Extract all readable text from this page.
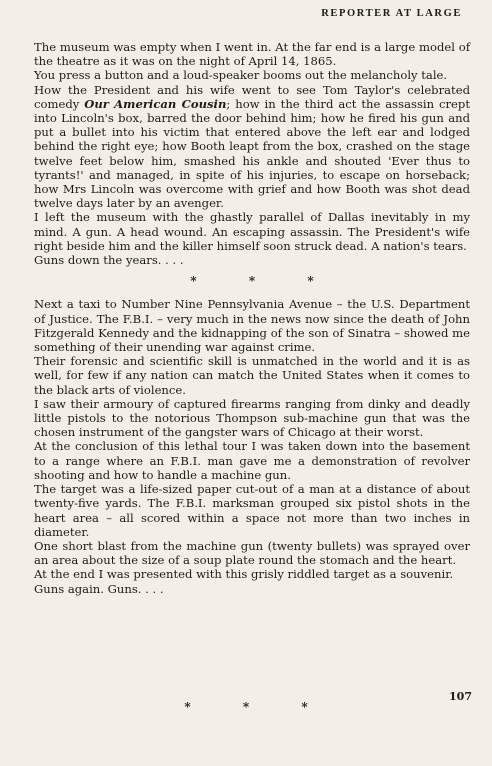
REPORTER AT LARGE

The museum was empty when I went in. At the far end is a large model of the theatre as it was on the night of April 14, 1865.

You press a button and a loud-speaker booms out the melancholy tale.

How the President and his wife went to see Tom Taylor's celebrated comedy Our American Cousin; how in the third act the assassin crept into Lincoln's box, barred the door behind him; how he fired his gun and put a bullet into his victim that entered above the left ear and lodged behind the right eye; how Booth leapt from the box, crashed on the stage twelve feet below him, smashed his ankle and shouted 'Ever thus to tyrants!' and managed, in spite of his injuries, to escape on horseback; how Mrs Lincoln was overcome with grief and how Booth was shot dead twelve days later by an avenger.

I left the museum with the ghastly parallel of Dallas inevitably in my mind. A gun. A head wound. An escaping assassin. The President's wife right beside him and the killer himself soon struck dead. A nation's tears.

Guns down the years. . . .

* * *

Next a taxi to Number Nine Pennsylvania Avenue – the U.S. Department of Justice. The F.B.I. – very much in the news now since the death of John Fitzgerald Kennedy and the kidnapping of the son of Sinatra – showed me something of their unending war against crime.

Their forensic and scientific skill is unmatched in the world and it is as well, for few if any nation can match the United States when it comes to the black arts of violence.

I saw their armoury of captured firearms ranging from dinky and deadly little pistols to the notorious Thompson sub-machine gun that was the chosen instrument of the gangster wars of Chicago at their worst.

At the conclusion of this lethal tour I was taken down into the basement to a range where an F.B.I. man gave me a demonstration of revolver shooting and how to handle a machine gun.

The target was a life-sized paper cut-out of a man at a distance of about twenty-five yards. The F.B.I. marksman grouped six pistol shots in the heart area – all scored within a space not more than two inches in diameter.

One short blast from the machine gun (twenty bullets) was sprayed over an area about the size of a soup plate round the stomach and the heart.

At the end I was presented with this grisly riddled target as a souvenir.

Guns again. Guns. . . .

107
* * *
